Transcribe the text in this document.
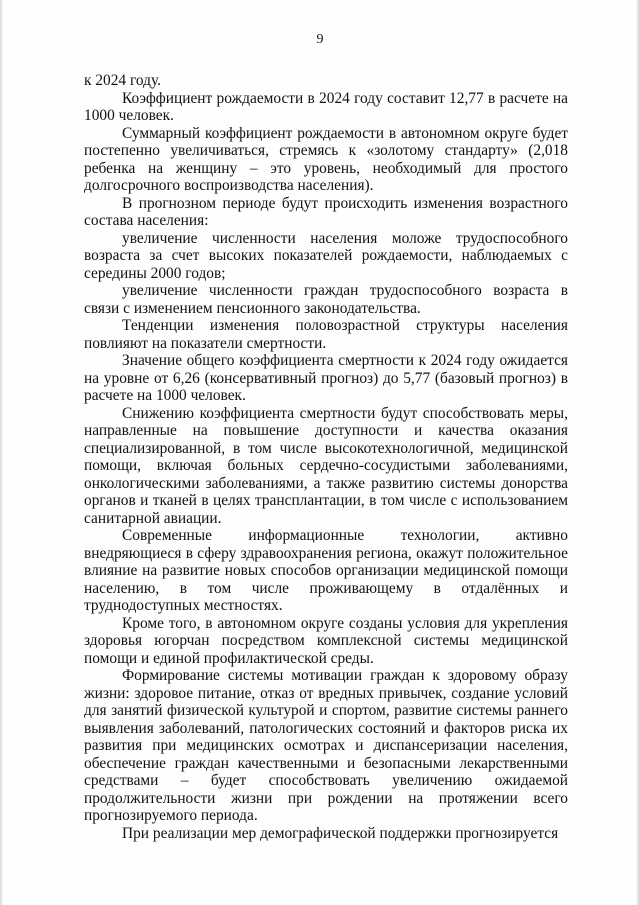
9

к 2024 году.

Коэффициент рождаемости в 2024 году составит 12,77 в расчете на 1000 человек.

Суммарный коэффициент рождаемости в автономном округе будет постепенно увеличиваться, стремясь к «золотому стандарту» (2,018 ребенка на женщину – это уровень, необходимый для простого долгосрочного воспроизводства населения).

В прогнозном периоде будут происходить изменения возрастного состава населения:

увеличение численности населения моложе трудоспособного возраста за счет высоких показателей рождаемости, наблюдаемых с середины 2000 годов;

увеличение численности граждан трудоспособного возраста в связи с изменением пенсионного законодательства.

Тенденции изменения половозрастной структуры населения повлияют на показатели смертности.

Значение общего коэффициента смертности к 2024 году ожидается на уровне от 6,26 (консервативный прогноз) до 5,77 (базовый прогноз) в расчете на 1000 человек.

Снижению коэффициента смертности будут способствовать меры, направленные на повышение доступности и качества оказания специализированной, в том числе высокотехнологичной, медицинской помощи, включая больных сердечно-сосудистыми заболеваниями, онкологическими заболеваниями, а также развитию системы донорства органов и тканей в целях трансплантации, в том числе с использованием санитарной авиации.

Современные информационные технологии, активно внедряющиеся в сферу здравоохранения региона, окажут положительное влияние на развитие новых способов организации медицинской помощи населению, в том числе проживающему в отдалённых и труднодоступных местностях.

Кроме того, в автономном округе созданы условия для укрепления здоровья югорчан посредством комплексной системы медицинской помощи и единой профилактической среды.

Формирование системы мотивации граждан к здоровому образу жизни: здоровое питание, отказ от вредных привычек, создание условий для занятий физической культурой и спортом, развитие системы раннего выявления заболеваний, патологических состояний и факторов риска их развития при медицинских осмотрах и диспансеризации населения, обеспечение граждан качественными и безопасными лекарственными средствами – будет способствовать увеличению ожидаемой продолжительности жизни при рождении на протяжении всего прогнозируемого периода.

При реализации мер демографической поддержки прогнозируется
